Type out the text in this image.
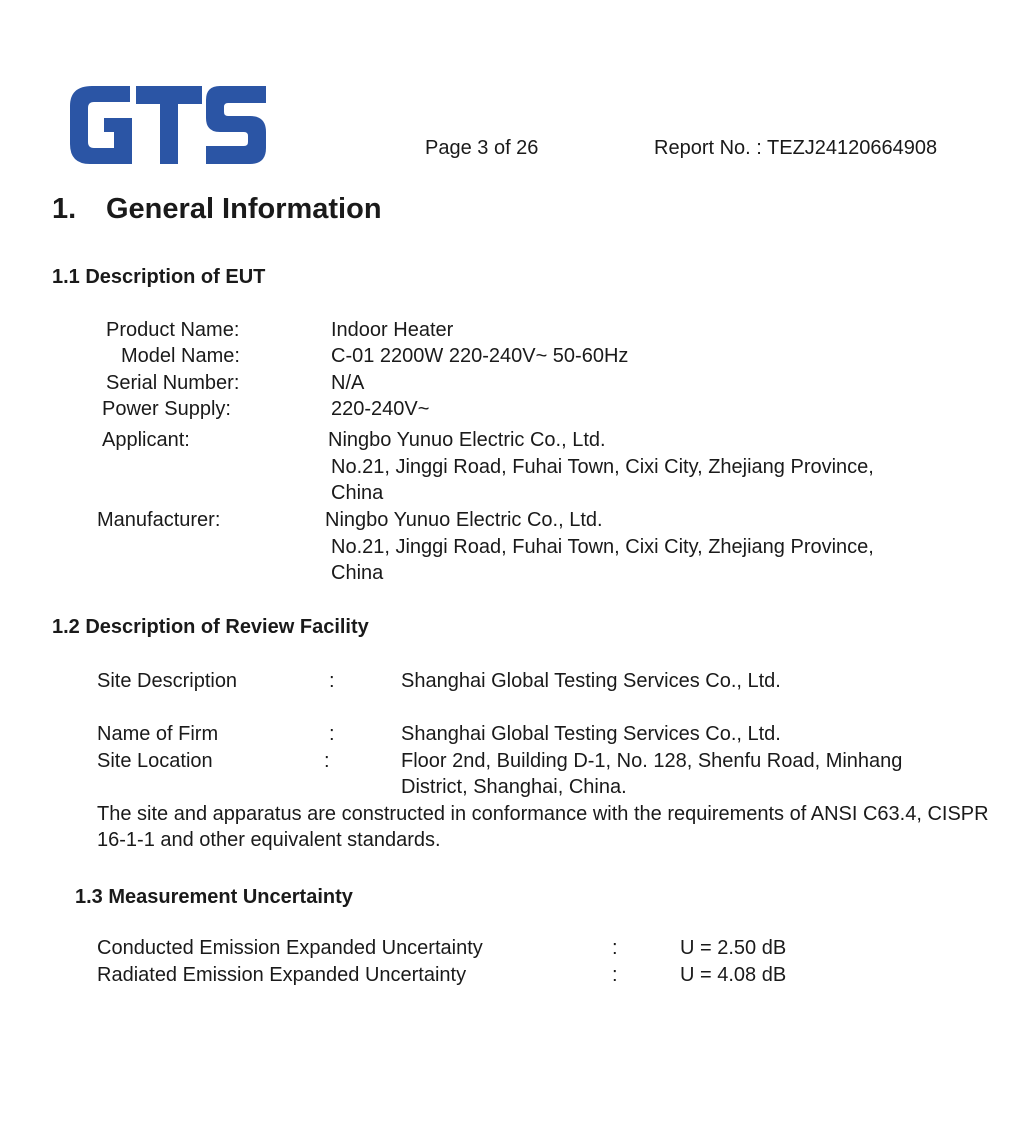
Page 3 of 26	Report No. : TEZJ24120664908
1. General Information
1.1 Description of EUT
Product Name:	Indoor Heater
Model Name:	C-01 2200W 220-240V~ 50-60Hz
Serial Number:	N/A
Power Supply:	220-240V~
Applicant:	Ningbo Yunuo Electric Co., Ltd.
No.21, Jinggi Road, Fuhai Town, Cixi City, Zhejiang Province,
China
Manufacturer:	Ningbo Yunuo Electric Co., Ltd.
No.21, Jinggi Road, Fuhai Town, Cixi City, Zhejiang Province,
China
1.2 Description of Review Facility
Site Description	:	Shanghai Global Testing Services Co., Ltd.
Name of Firm	:	Shanghai Global Testing Services Co., Ltd.
Site Location	:	Floor 2nd, Building D-1, No. 128, Shenfu Road, Minhang
District, Shanghai, China.
The site and apparatus are constructed in conformance with the requirements of ANSI C63.4, CISPR 16-1-1 and other equivalent standards.
1.3 Measurement Uncertainty
Conducted Emission Expanded Uncertainty	:	U = 2.50 dB
Radiated Emission Expanded Uncertainty	:	U = 4.08 dB
